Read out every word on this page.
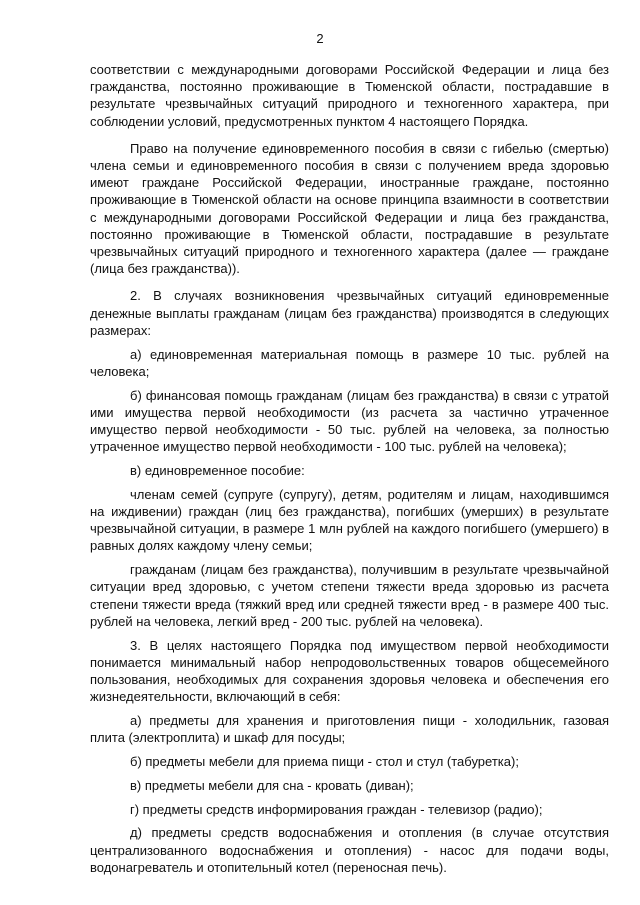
2

соответствии с международными договорами Российской Федерации и лица без гражданства, постоянно проживающие в Тюменской области, пострадавшие в результате чрезвычайных ситуаций природного и техногенного характера, при соблюдении условий, предусмотренных пунктом 4 настоящего Порядка.

Право на получение единовременного пособия в связи с гибелью (смертью) члена семьи и единовременного пособия в связи с получением вреда здоровью имеют граждане Российской Федерации, иностранные граждане, постоянно проживающие в Тюменской области на основе принципа взаимности в соответствии с международными договорами Российской Федерации и лица без гражданства, постоянно проживающие в Тюменской области, пострадавшие в результате чрезвычайных ситуаций природного и техногенного характера (далее — граждане (лица без гражданства)).

2. В случаях возникновения чрезвычайных ситуаций единовременные денежные выплаты гражданам (лицам без гражданства) производятся в следующих размерах:

а) единовременная материальная помощь в размере 10 тыс. рублей на человека;

б) финансовая помощь гражданам (лицам без гражданства) в связи с утратой ими имущества первой необходимости (из расчета за частично утраченное имущество первой необходимости - 50 тыс. рублей на человека, за полностью утраченное имущество первой необходимости - 100 тыс. рублей на человека);

в) единовременное пособие:

членам семей (супруге (супругу), детям, родителям и лицам, находившимся на иждивении) граждан (лиц без гражданства), погибших (умерших) в результате чрезвычайной ситуации, в размере 1 млн рублей на каждого погибшего (умершего) в равных долях каждому члену семьи;

гражданам (лицам без гражданства), получившим в результате чрезвычайной ситуации вред здоровью, с учетом степени тяжести вреда здоровью из расчета степени тяжести вреда (тяжкий вред или средней тяжести вред - в размере 400 тыс. рублей на человека, легкий вред - 200 тыс. рублей на человека).

3. В целях настоящего Порядка под имуществом первой необходимости понимается минимальный набор непродовольственных товаров общесемейного пользования, необходимых для сохранения здоровья человека и обеспечения его жизнедеятельности, включающий в себя:

а) предметы для хранения и приготовления пищи - холодильник, газовая плита (электроплита) и шкаф для посуды;

б) предметы мебели для приема пищи - стол и стул (табуретка);

в) предметы мебели для сна - кровать (диван);

г) предметы средств информирования граждан - телевизор (радио);

д) предметы средств водоснабжения и отопления (в случае отсутствия централизованного водоснабжения и отопления) - насос для подачи воды, водонагреватель и отопительный котел (переносная печь).
